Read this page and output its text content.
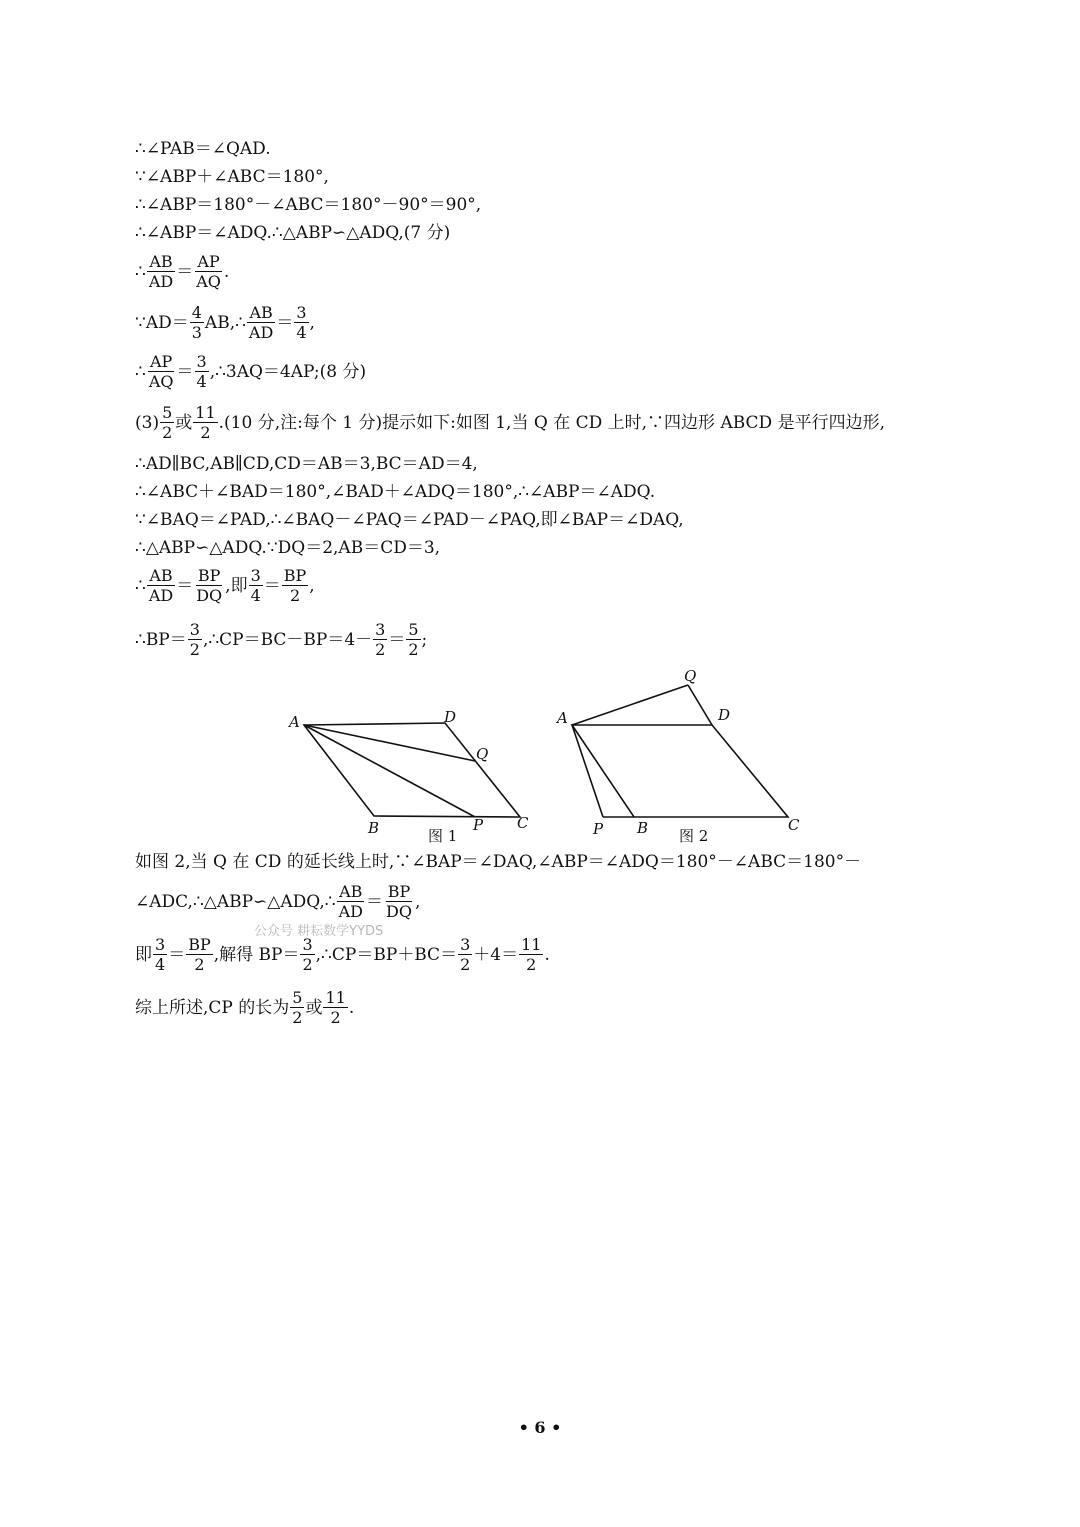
∴∠PAB＝∠QAD.
∵∠ABP＋∠ABC＝180°,
∴∠ABP＝180°－∠ABC＝180°－90°＝90°,
∴∠ABP＝∠ADQ.∴△ABP∽△ADQ,(7 分)
∴ $\frac{AB}{AD} = \frac{AP}{AQ}$ .
∵AD＝ $\frac{4}{3}$ AB,∴ $\frac{AB}{AD} = \frac{3}{4}$ ,
∴ $\frac{AP}{AQ} = \frac{3}{4}$ ,∴3AQ＝4AP;(8 分)
$(3) \frac{5}{2}$ 或 $\frac{11}{2} .(10$ 分,注:每个 1 分)提示如下:如图 1,当 Q 在 CD 上时,∵四边形 ABCD 是平行四边形,
∴AD∥BC,AB∥CD,CD＝AB＝3,BC＝AD＝4,
∴∠ABC＋∠BAD＝180°,∠BAD＋∠ADQ＝180°,∴∠ABP＝∠ADQ.
∵∠BAQ＝∠PAD,∴∠BAQ－∠PAQ＝∠PAD－∠PAQ,即∠BAP＝∠DAQ,
∴△ABP∽△ADQ.∵DQ＝2,AB＝CD＝3,
∴ $\frac{AB}{AD} = \frac{BP}{DQ}$ ,即 $\frac{3}{4} = \frac{BP}{2}$ ,
∴BP＝ $\frac{3}{2}$ ,∴CP＝BC－BP＝4－ $\frac{3}{2} = \frac{5}{2}$ ;
A	D
Q
B	P C
图 1
Q
A	D
P B	C
图 2
如图 2,当 Q 在 CD 的延长线上时,∵∠BAP＝∠DAQ,∠ABP＝∠ADQ＝180°－∠ABC＝180°－
∠ADC,∴△ABP∽△ADQ,∴ $\frac{AB}{AD} = \frac{BP}{DQ}$ ,
公众号 耕耘数学YYDS
即 $\frac{3}{4} = \frac{BP}{2}$ ,解得 $BP= \frac{3}{2}$ ,∴CP＝BP＋BC＝ $\frac{3}{2} +4= \frac{11}{2}$ .
综上所述,CP 的长为 $\frac{5}{2}$ 或 $\frac{11}{2}$ .
• 6 •
